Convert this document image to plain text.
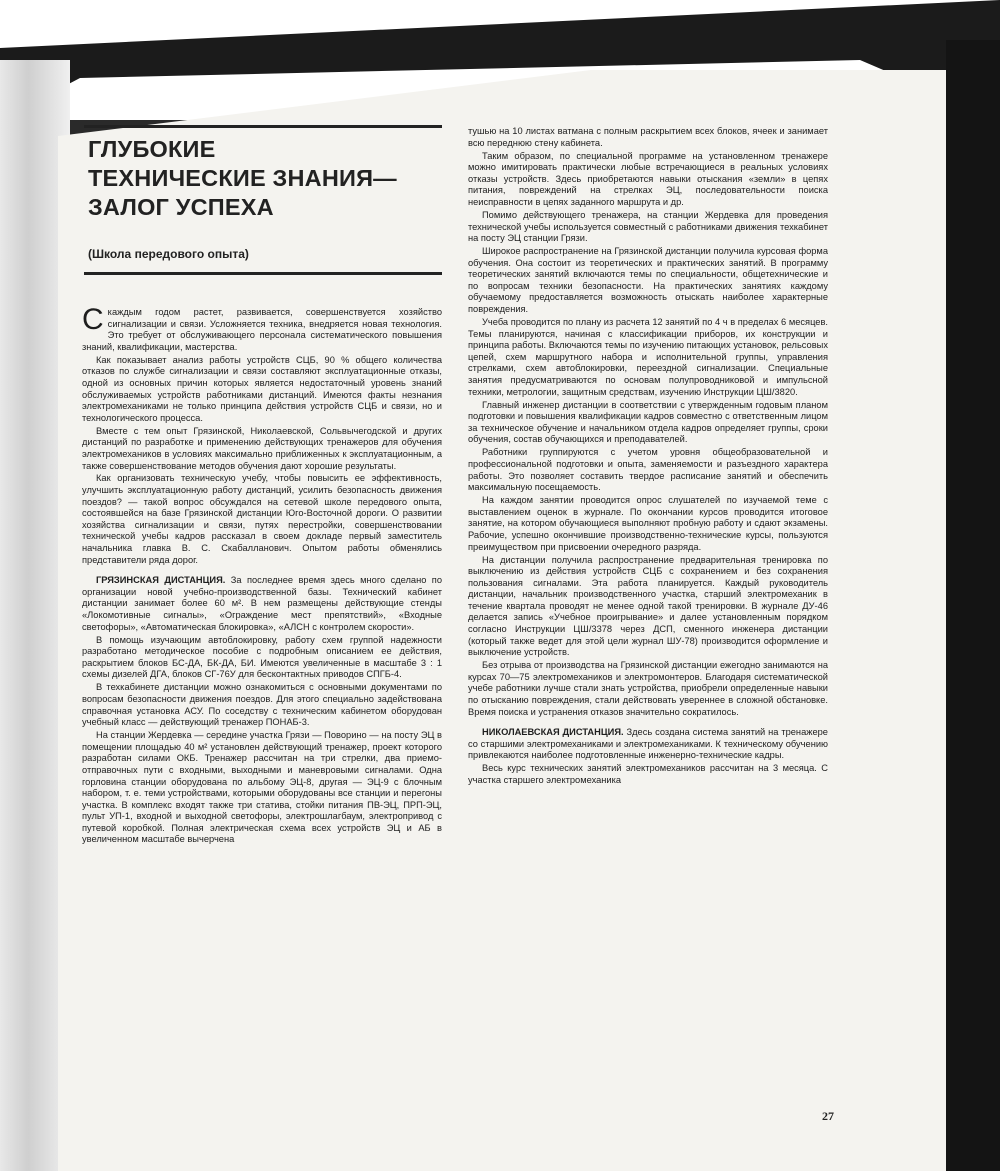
ГЛУБОКИЕ
ТЕХНИЧЕСКИЕ ЗНАНИЯ—
ЗАЛОГ УСПЕХА
(Школа передового опыта)

Скаждым годом растет, развивается, совершенствуется хозяйство сигнализации и связи. Усложняется техника, внедряется новая технология. Это требует от обслуживающего персонала систематического повышения знаний, квалификации, мастерства.

Как показывает анализ работы устройств СЦБ, 90 % общего количества отказов по службе сигнализации и связи составляют эксплуатационные отказы, одной из основных причин которых является недостаточный уровень знаний обслуживаемых устройств работниками дистанций. Имеются факты незнания электромеханиками не только принципа действия устройств СЦБ и связи, но и технологического процесса.

Вместе с тем опыт Грязинской, Николаевской, Сольвычегодской и других дистанций по разработке и применению действующих тренажеров для обучения электромехаников в условиях максимально приближенных к эксплуатационным, а также совершенствование методов обучения дают хорошие результаты.

Как организовать техническую учебу, чтобы повысить ее эффективность, улучшить эксплуатационную работу дистанций, усилить безопасность движения поездов? — такой вопрос обсуждался на сетевой школе передового опыта, состоявшейся на базе Грязинской дистанции Юго-Восточной дороги. О развитии хозяйства сигнализации и связи, путях перестройки, совершенствовании технической учебы кадров рассказал в своем докладе первый заместитель начальника главка В. С. Скабалланович. Опытом работы обменялись представители ряда дорог.

ГРЯЗИНСКАЯ ДИСТАНЦИЯ. За последнее время здесь много сделано по организации новой учебно-производственной базы. Технический кабинет дистанции занимает более 60 м². В нем размещены действующие стенды «Локомотивные сигналы», «Ограждение мест препятствий», «Входные светофоры», «Автоматическая блокировка», «АЛСН с контролем скорости».

В помощь изучающим автоблокировку, работу схем группой надежности разработано методическое пособие с подробным описанием ее действия, раскрытием блоков БС-ДА, БК-ДА, БИ. Имеются увеличенные в масштабе 3 : 1 схемы дизелей ДГА, блоков СГ-76У для бесконтактных приводов СПГБ-4.

В техкабинете дистанции можно ознакомиться с основными документами по вопросам безопасности движения поездов. Для этого специально задействована справочная установка АСУ. По соседству с техническим кабинетом оборудован учебный класс — действующий тренажер ПОНАБ-3.

На станции Жердевка — середине участка Грязи — Поворино — на посту ЭЦ в помещении площадью 40 м² установлен действующий тренажер, проект которого разработан силами ОКБ. Тренажер рассчитан на три стрелки, два приемо-отправочных пути с входными, выходными и маневровыми сигналами. Одна горловина станции оборудована по альбому ЭЦ-8, другая — ЭЦ-9 с блочным набором, т. е. теми устройствами, которыми оборудованы все станции и перегоны участка. В комплекс входят также три статива, стойки питания ПВ-ЭЦ, ПРП-ЭЦ, пульт УП-1, входной и выходной светофоры, электрошлагбаум, электропривод с путевой коробкой. Полная электрическая схема всех устройств ЭЦ и АБ в увеличенном масштабе вычерчена

тушью на 10 листах ватмана с полным раскрытием всех блоков, ячеек и занимает всю переднюю стену кабинета.

Таким образом, по специальной программе на установленном тренажере можно имитировать практически любые встречающиеся в реальных условиях отказы устройств. Здесь приобретаются навыки отыскания «земли» в цепях питания, повреждений на стрелках ЭЦ, последовательности поиска неисправности в цепях заданного маршрута и др.

Помимо действующего тренажера, на станции Жердевка для проведения технической учебы используется совместный с работниками движения техкабинет на посту ЭЦ станции Грязи.

Широкое распространение на Грязинской дистанции получила курсовая форма обучения. Она состоит из теоретических и практических занятий. В программу теоретических занятий включаются темы по специальности, общетехнические и по вопросам техники безопасности. На практических занятиях каждому обучаемому предоставляется возможность отыскать наиболее характерные повреждения.

Учеба проводится по плану из расчета 12 занятий по 4 ч в пределах 6 месяцев. Темы планируются, начиная с классификации приборов, их конструкции и принципа работы. Включаются темы по изучению питающих установок, рельсовых цепей, схем маршрутного набора и исполнительной группы, управления стрелками, схем автоблокировки, переездной сигнализации. Специальные занятия предусматриваются по основам полупроводниковой и импульсной техники, метрологии, защитным средствам, изучению Инструкции ЦШ/3820.

Главный инженер дистанции в соответствии с утвержденным годовым планом подготовки и повышения квалификации кадров совместно с ответственным лицом за техническое обучение и начальником отдела кадров определяет группы, сроки обучения, состав обучающихся и преподавателей.

Работники группируются с учетом уровня общеобразовательной и профессиональной подготовки и опыта, заменяемости и разъездного характера работы. Это позволяет составить твердое расписание занятий и обеспечить максимальную посещаемость.

На каждом занятии проводится опрос слушателей по изучаемой теме с выставлением оценок в журнале. По окончании курсов проводится итоговое занятие, на котором обучающиеся выполняют пробную работу и сдают экзамены. Рабочие, успешно окончившие производственно-технические курсы, пользуются преимуществом при присвоении очередного разряда.

На дистанции получила распространение предварительная тренировка по выключению из действия устройств СЦБ с сохранением и без сохранения пользования сигналами. Эта работа планируется. Каждый руководитель дистанции, начальник производственного участка, старший электромеханик в течение квартала проводят не менее одной такой тренировки. В журнале ДУ-46 делается запись «Учебное проигрывание» и далее установленным порядком согласно Инструкции ЦШ/3378 через ДСП, сменного инженера дистанции (который также ведет для этой цели журнал ШУ-78) производится оформление и выключение устройств.

Без отрыва от производства на Грязинской дистанции ежегодно занимаются на курсах 70—75 электромехаников и электромонтеров. Благодаря систематической учебе работники лучше стали знать устройства, приобрели определенные навыки по отысканию повреждения, стали действовать увереннее в сложной обстановке. Время поиска и устранения отказов значительно сократилось.

НИКОЛАЕВСКАЯ ДИСТАНЦИЯ. Здесь создана система занятий на тренажере со старшими электромеханиками и электромеханиками. К техническому обучению привлекаются наиболее подготовленные инженерно-технические кадры.

Весь курс технических занятий электромехаников рассчитан на 3 месяца. С участка старшего электромеханика

27
